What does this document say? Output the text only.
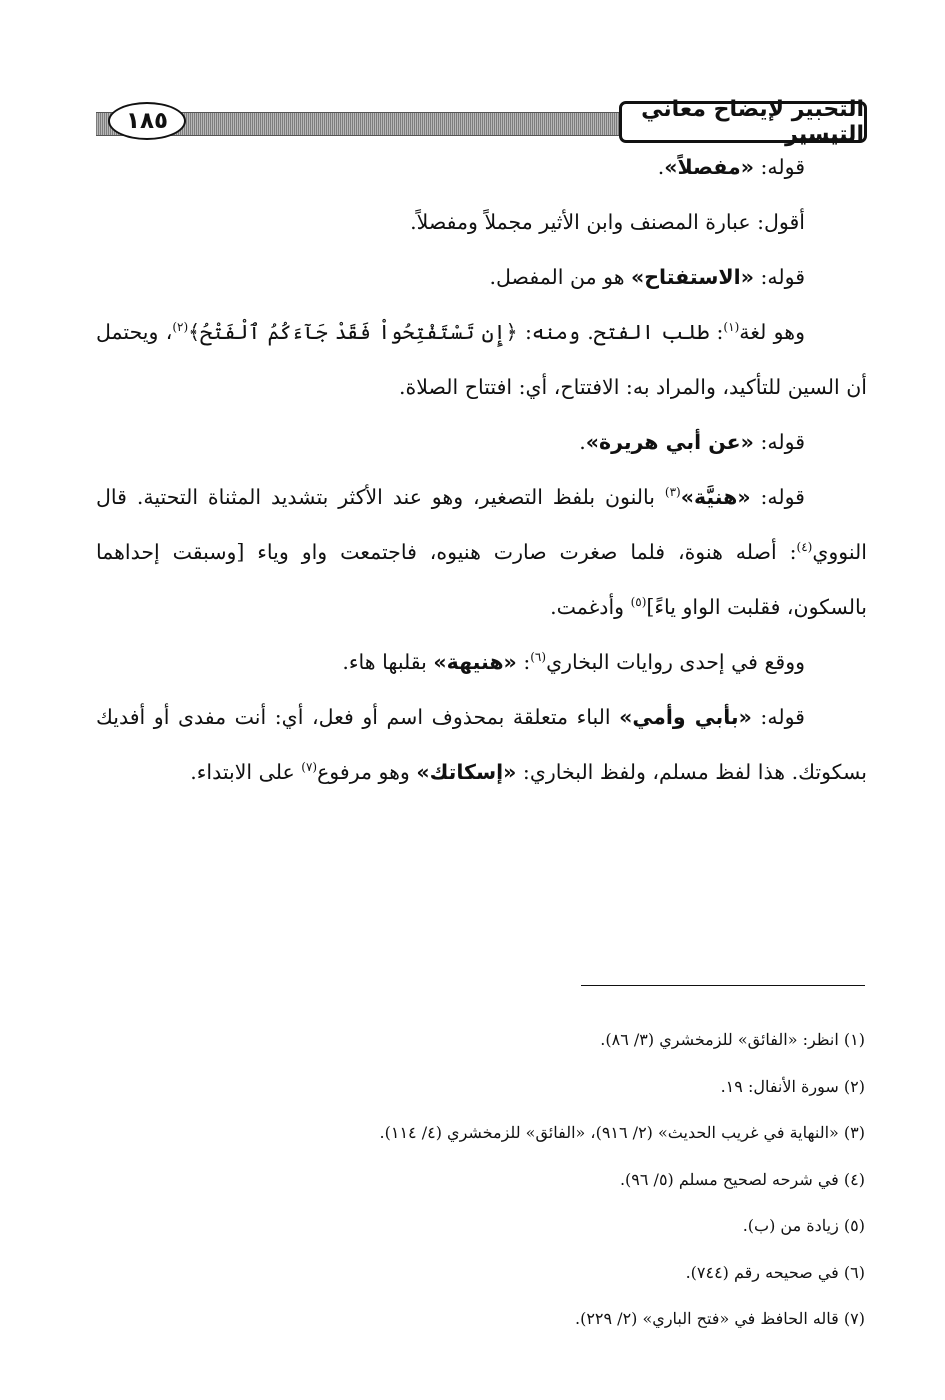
التحبير لإيضاح معاني التيسير
١٨٥

قوله: «مفصلاً».

أقول: عبارة المصنف وابن الأثير مجملاً ومفصلاً.

قوله: «الاستفتاح» هو من المفصل.

وهو لغة$^{(١)}$: طلب الفتح. ومنه: ﴿إِن تَسْتَفْتِحُواْ فَقَدْ جَآءَكُمُ ٱلْفَتْحُ﴾$^{(٢)}$، ويحتمل أن السين للتأكيد، والمراد به: الافتتاح، أي: افتتاح الصلاة.

قوله: «عن أبي هريرة».

قوله: «هنيَّة»$^{(٣)}$ بالنون بلفظ التصغير، وهو عند الأكثر بتشديد المثناة التحتية. قال النووي$^{(٤)}$: أصله هنوة، فلما صغرت صارت هنيوه، فاجتمعت واو وياء [وسبقت إحداهما بالسكون، فقلبت الواو ياءً]$^{(٥)}$ وأدغمت.

ووقع في إحدى روايات البخاري$^{(٦)}$: «هنيهة» بقلبها هاء.

قوله: «بأبي وأمي» الباء متعلقة بمحذوف اسم أو فعل، أي: أنت مفدى أو أفديك بسكوتك. هذا لفظ مسلم، ولفظ البخاري: «إسكاتك» وهو مرفوع$^{(٧)}$ على الابتداء.

(١) انظر: «الفائق» للزمخشري (٣/ ٨٦).
(٢) سورة الأنفال: ١٩.
(٣) «النهاية في غريب الحديث» (٢/ ٩١٦)، «الفائق» للزمخشري (٤/ ١١٤).
(٤) في شرحه لصحيح مسلم (٥/ ٩٦).
(٥) زيادة من (ب).
(٦) في صحيحه رقم (٧٤٤).
(٧) قاله الحافظ في «فتح الباري» (٢/ ٢٢٩).
